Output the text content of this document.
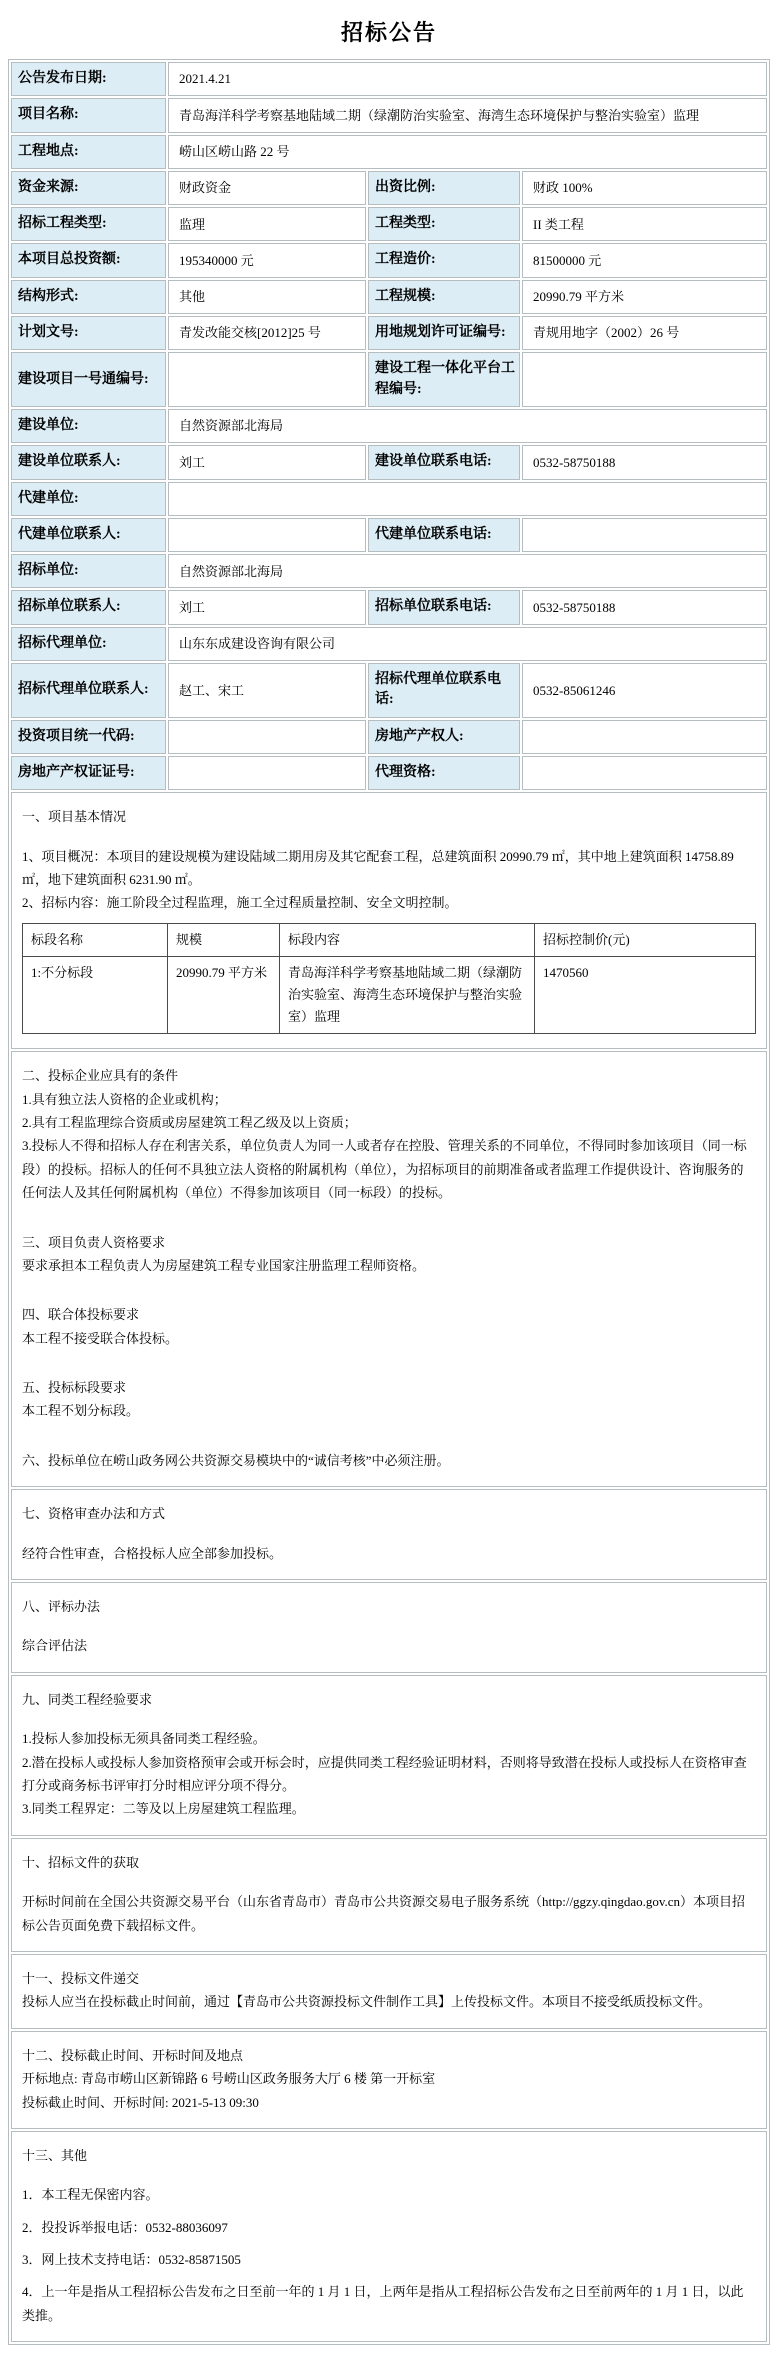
招标公告
公告发布日期:	2021.4.21
项目名称:	青岛海洋科学考察基地陆域二期（绿潮防治实验室、海湾生态环境保护与整治实验室）监理
工程地点:	崂山区崂山路 22 号
资金来源:	财政资金	出资比例:	财政 100%
招标工程类型:	监理	工程类型:	II 类工程
本项目总投资额:	195340000 元	工程造价:	81500000 元
结构形式:	其他	工程规模:	20990.79 平方米
计划文号:	青发改能交核[2012]25 号	用地规划许可证编号:	青规用地字（2002）26 号
建设项目一号通编号:		建设工程一体化平台工程编号:	
建设单位:	自然资源部北海局
建设单位联系人:	刘工	建设单位联系电话:	0532-58750188
代建单位:	
代建单位联系人:		代建单位联系电话:	
招标单位:	自然资源部北海局
招标单位联系人:	刘工	招标单位联系电话:	0532-58750188
招标代理单位:	山东东成建设咨询有限公司
招标代理单位联系人:	赵工、宋工	招标代理单位联系电话:	0532-85061246
投资项目统一代码:		房地产产权人:	
房地产产权证证号:		代理资格:	

一、项目基本情况

1、项目概况：本项目的建设规模为建设陆域二期用房及其它配套工程，总建筑面积 20990.79 ㎡，其中地上建筑面积 14758.89 ㎡，地下建筑面积 6231.90 ㎡。

2、招标内容：施工阶段全过程监理，施工全过程质量控制、安全文明控制。

标段名称	规模	标段内容	招标控制价(元)
1:不分标段	20990.79 平方米	青岛海洋科学考察基地陆域二期（绿潮防治实验室、海湾生态环境保护与整治实验室）监理	1470560

二、投标企业应具有的条件

1.具有独立法人资格的企业或机构；

2.具有工程监理综合资质或房屋建筑工程乙级及以上资质；

3.投标人不得和招标人存在利害关系，单位负责人为同一人或者存在控股、管理关系的不同单位，不得同时参加该项目（同一标段）的投标。招标人的任何不具独立法人资格的附属机构（单位），为招标项目的前期准备或者监理工作提供设计、咨询服务的任何法人及其任何附属机构（单位）不得参加该项目（同一标段）的投标。

三、项目负责人资格要求

要求承担本工程负责人为房屋建筑工程专业国家注册监理工程师资格。

四、联合体投标要求

本工程不接受联合体投标。

五、投标标段要求

本工程不划分标段。

六、投标单位在崂山政务网公共资源交易模块中的“诚信考核”中必须注册。

七、资格审查办法和方式

经符合性审查，合格投标人应全部参加投标。

八、评标办法

综合评估法

九、同类工程经验要求

1.投标人参加投标无须具备同类工程经验。

2.潜在投标人或投标人参加资格预审会或开标会时，应提供同类工程经验证明材料，否则将导致潜在投标人或投标人在资格审查打分或商务标书评审打分时相应评分项不得分。

3.同类工程界定：二等及以上房屋建筑工程监理。

十、招标文件的获取

开标时间前在全国公共资源交易平台（山东省青岛市）青岛市公共资源交易电子服务系统（http://ggzy.qingdao.gov.cn）本项目招标公告页面免费下载招标文件。

十一、投标文件递交

投标人应当在投标截止时间前，通过【青岛市公共资源投标文件制作工具】上传投标文件。本项目不接受纸质投标文件。

十二、投标截止时间、开标时间及地点

开标地点: 青岛市崂山区新锦路 6 号崂山区政务服务大厅 6 楼 第一开标室

投标截止时间、开标时间: 2021-5-13 09:30

十三、其他

1．本工程无保密内容。

2．投投诉举报电话：0532-88036097

3．网上技术支持电话：0532-85871505

4．上一年是指从工程招标公告发布之日至前一年的 1 月 1 日，上两年是指从工程招标公告发布之日至前两年的 1 月 1 日，以此类推。
